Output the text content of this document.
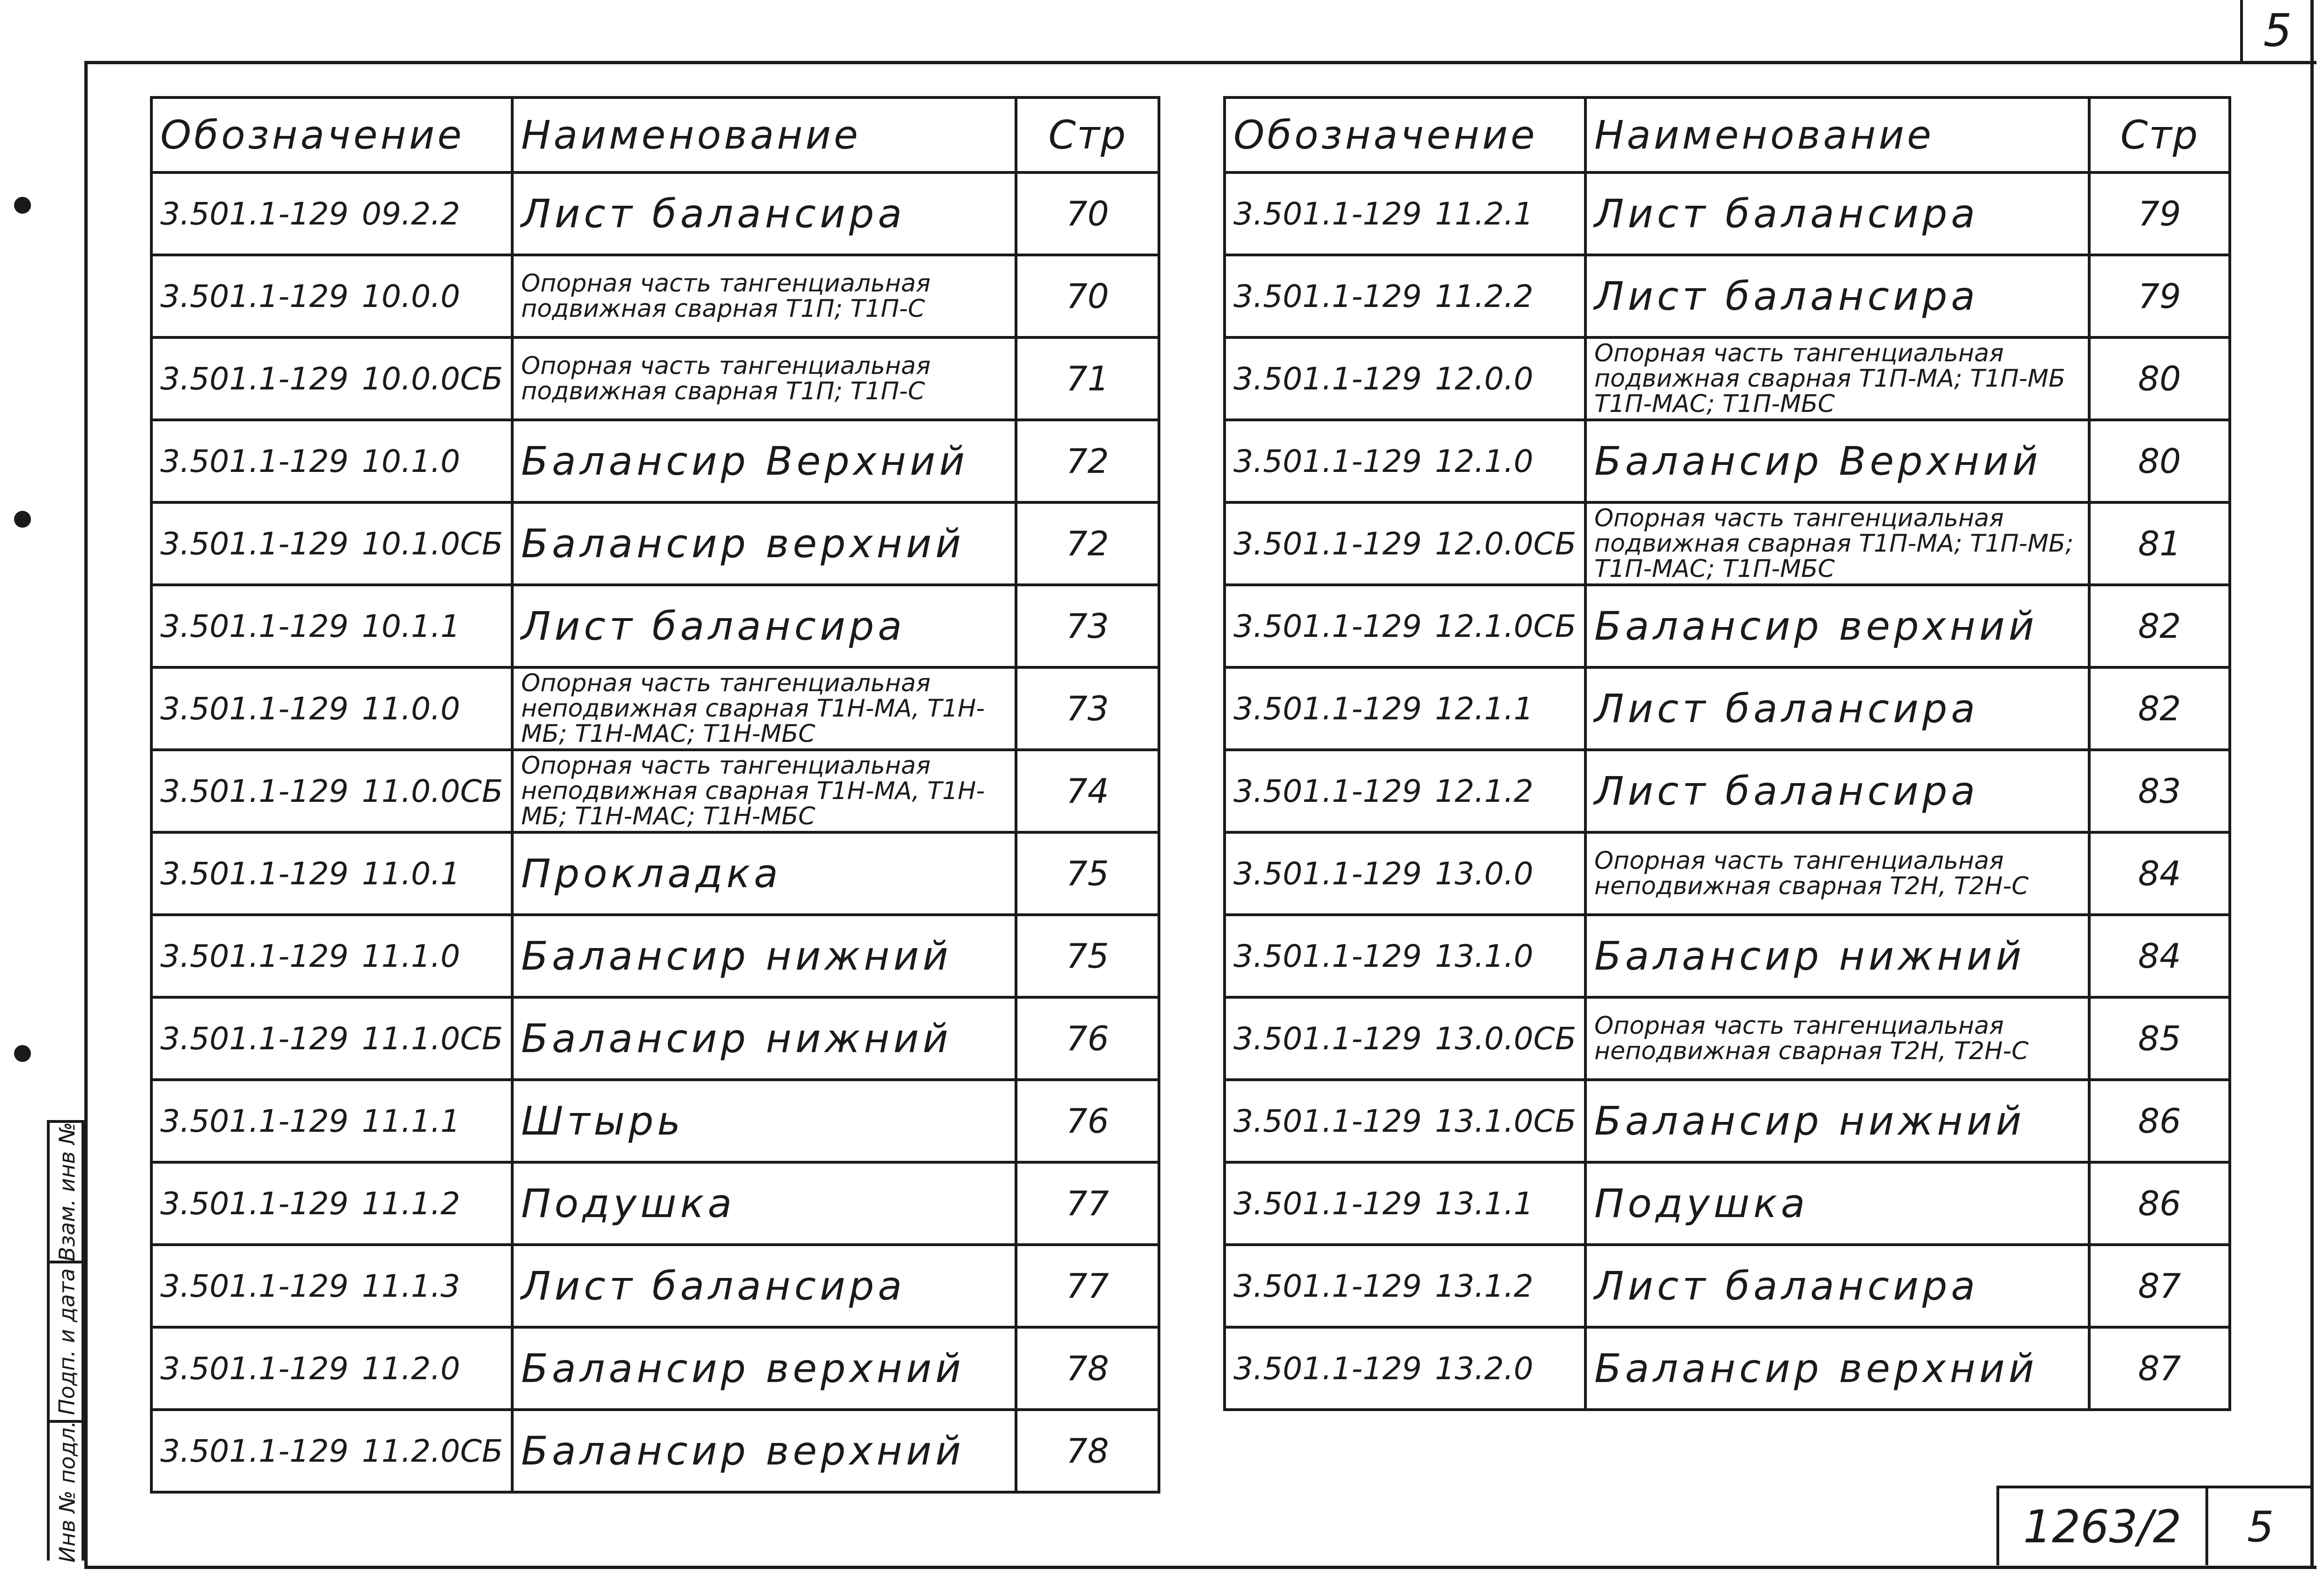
5
Обозначение	Наименование	Стр
3.501.1-129 09.2.2	Лист балансира	70
3.501.1-129 10.0.0	Опорная часть тангенциальная подвижная сварная Т1П; Т1П-С	70
3.501.1-129 10.0.0СБ	Опорная часть тангенциальная подвижная сварная Т1П; Т1П-С	71
3.501.1-129 10.1.0	Балансир Верхний	72
3.501.1-129 10.1.0СБ	Балансир верхний	72
3.501.1-129 10.1.1	Лист балансира	73
3.501.1-129 11.0.0	Опорная часть тангенциальная неподвижная сварная Т1Н-МА, Т1Н-МБ; Т1Н-МАС; Т1Н-МБС	73
3.501.1-129 11.0.0СБ	Опорная часть тангенциальная неподвижная сварная Т1Н-МА, Т1Н-МБ; Т1Н-МАС; Т1Н-МБС	74
3.501.1-129 11.0.1	Прокладка	75
3.501.1-129 11.1.0	Балансир нижний	75
3.501.1-129 11.1.0СБ	Балансир нижний	76
3.501.1-129 11.1.1	Штырь	76
3.501.1-129 11.1.2	Подушка	77
3.501.1-129 11.1.3	Лист балансира	77
3.501.1-129 11.2.0	Балансир верхний	78
3.501.1-129 11.2.0СБ	Балансир верхний	78
Обозначение	Наименование	Стр
3.501.1-129 11.2.1	Лист балансира	79
3.501.1-129 11.2.2	Лист балансира	79
3.501.1-129 12.0.0	Опорная часть тангенциальная подвижная сварная Т1П-МА; Т1П-МБ Т1П-МАС; Т1П-МБС	80
3.501.1-129 12.1.0	Балансир Верхний	80
3.501.1-129 12.0.0СБ	Опорная часть тангенциальная подвижная сварная Т1П-МА; Т1П-МБ; Т1П-МАС; Т1П-МБС	81
3.501.1-129 12.1.0СБ	Балансир верхний	82
3.501.1-129 12.1.1	Лист балансира	82
3.501.1-129 12.1.2	Лист балансира	83
3.501.1-129 13.0.0	Опорная часть тангенциальная неподвижная сварная Т2Н, Т2Н-С	84
3.501.1-129 13.1.0	Балансир нижний	84
3.501.1-129 13.0.0СБ	Опорная часть тангенциальная неподвижная сварная Т2Н, Т2Н-С	85
3.501.1-129 13.1.0СБ	Балансир нижний	86
3.501.1-129 13.1.1	Подушка	86
3.501.1-129 13.1.2	Лист балансира	87
3.501.1-129 13.2.0	Балансир верхний	87
Инв № подл.
Подп. и дата
Взам. инв №
1263/2	5
